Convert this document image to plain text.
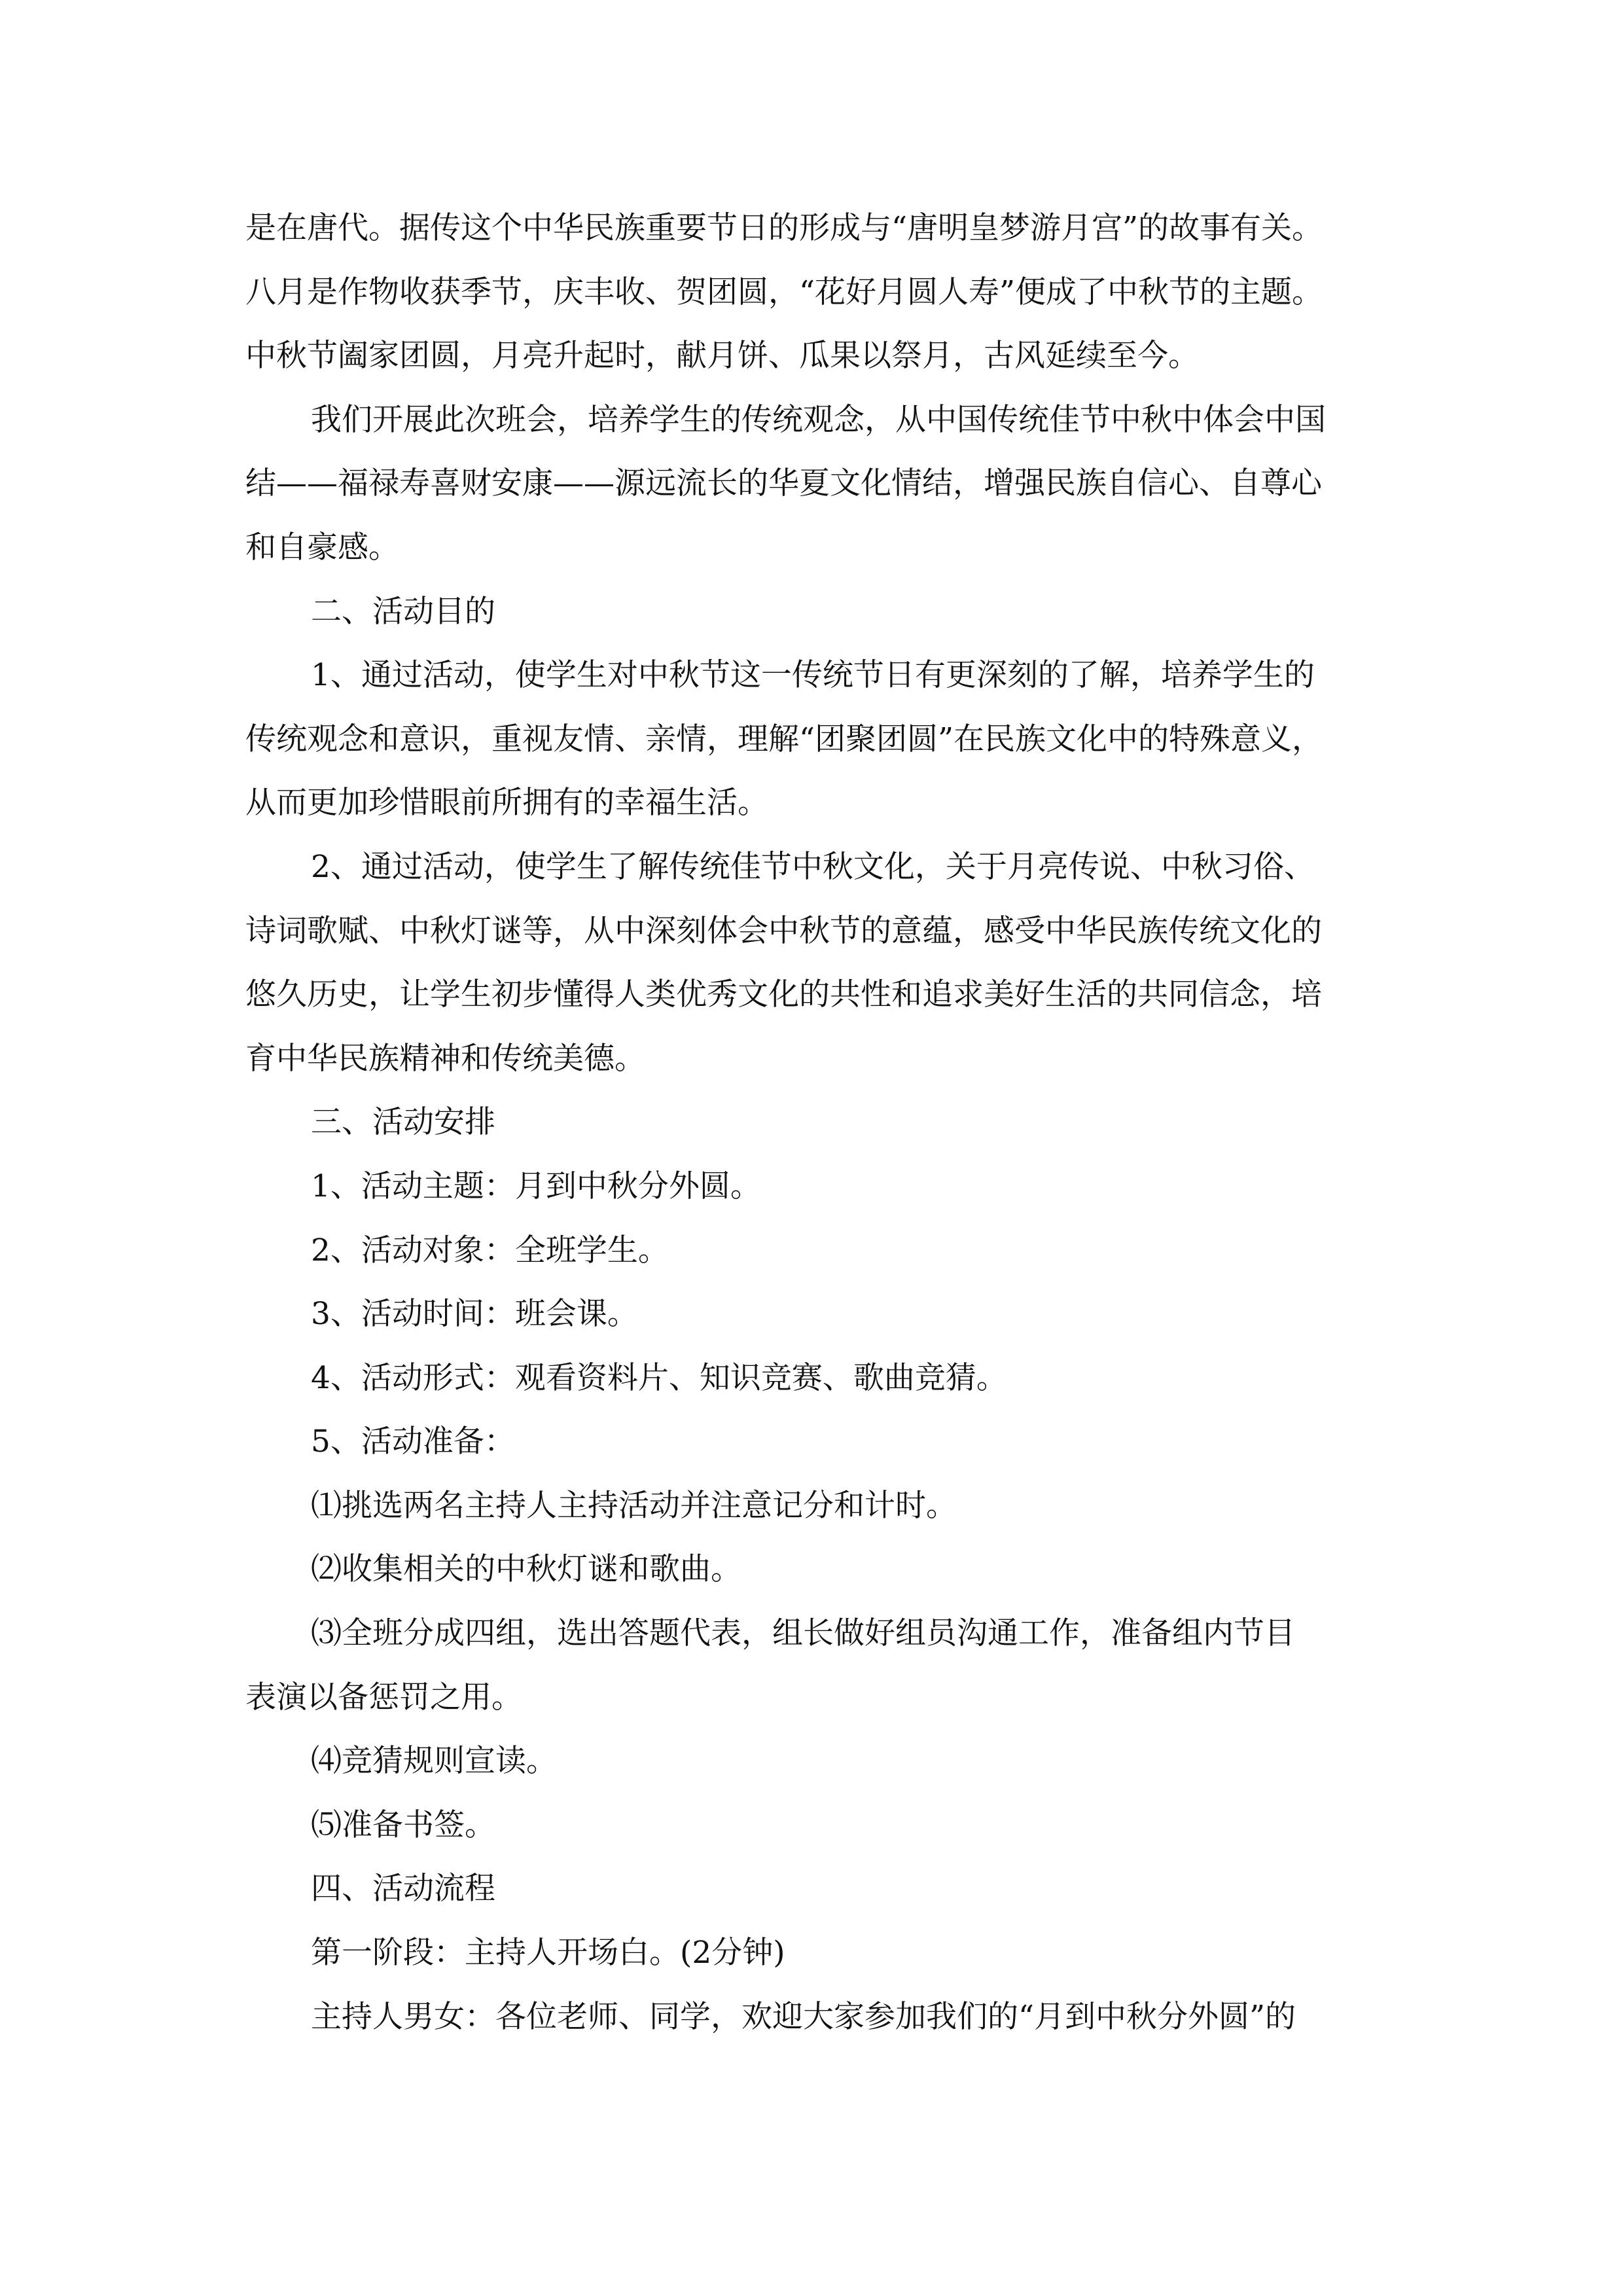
是在唐代。据传这个中华民族重要节日的形成与“唐明皇梦游月宫”的故事有关。
八月是作物收获季节，庆丰收、贺团圆，“花好月圆人寿”便成了中秋节的主题。
中秋节阖家团圆，月亮升起时，献月饼、瓜果以祭月，古风延续至今。
我们开展此次班会，培养学生的传统观念，从中国传统佳节中秋中体会中国
结——福禄寿喜财安康——源远流长的华夏文化情结，增强民族自信心、自尊心
和自豪感。
二、活动目的
1、通过活动，使学生对中秋节这一传统节日有更深刻的了解，培养学生的
传统观念和意识，重视友情、亲情，理解“团聚团圆”在民族文化中的特殊意义，
从而更加珍惜眼前所拥有的幸福生活。
2、通过活动，使学生了解传统佳节中秋文化，关于月亮传说、中秋习俗、
诗词歌赋、中秋灯谜等，从中深刻体会中秋节的意蕴，感受中华民族传统文化的
悠久历史，让学生初步懂得人类优秀文化的共性和追求美好生活的共同信念，培
育中华民族精神和传统美德。
三、活动安排
1、活动主题：月到中秋分外圆。
2、活动对象：全班学生。
3、活动时间：班会课。
4、活动形式：观看资料片、知识竞赛、歌曲竞猜。
5、活动准备：
⑴挑选两名主持人主持活动并注意记分和计时。
⑵收集相关的中秋灯谜和歌曲。
⑶全班分成四组，选出答题代表，组长做好组员沟通工作，准备组内节目
表演以备惩罚之用。
⑷竞猜规则宣读。
⑸准备书签。
四、活动流程
第一阶段：主持人开场白。(2分钟)
主持人男女：各位老师、同学，欢迎大家参加我们的“月到中秋分外圆”的
